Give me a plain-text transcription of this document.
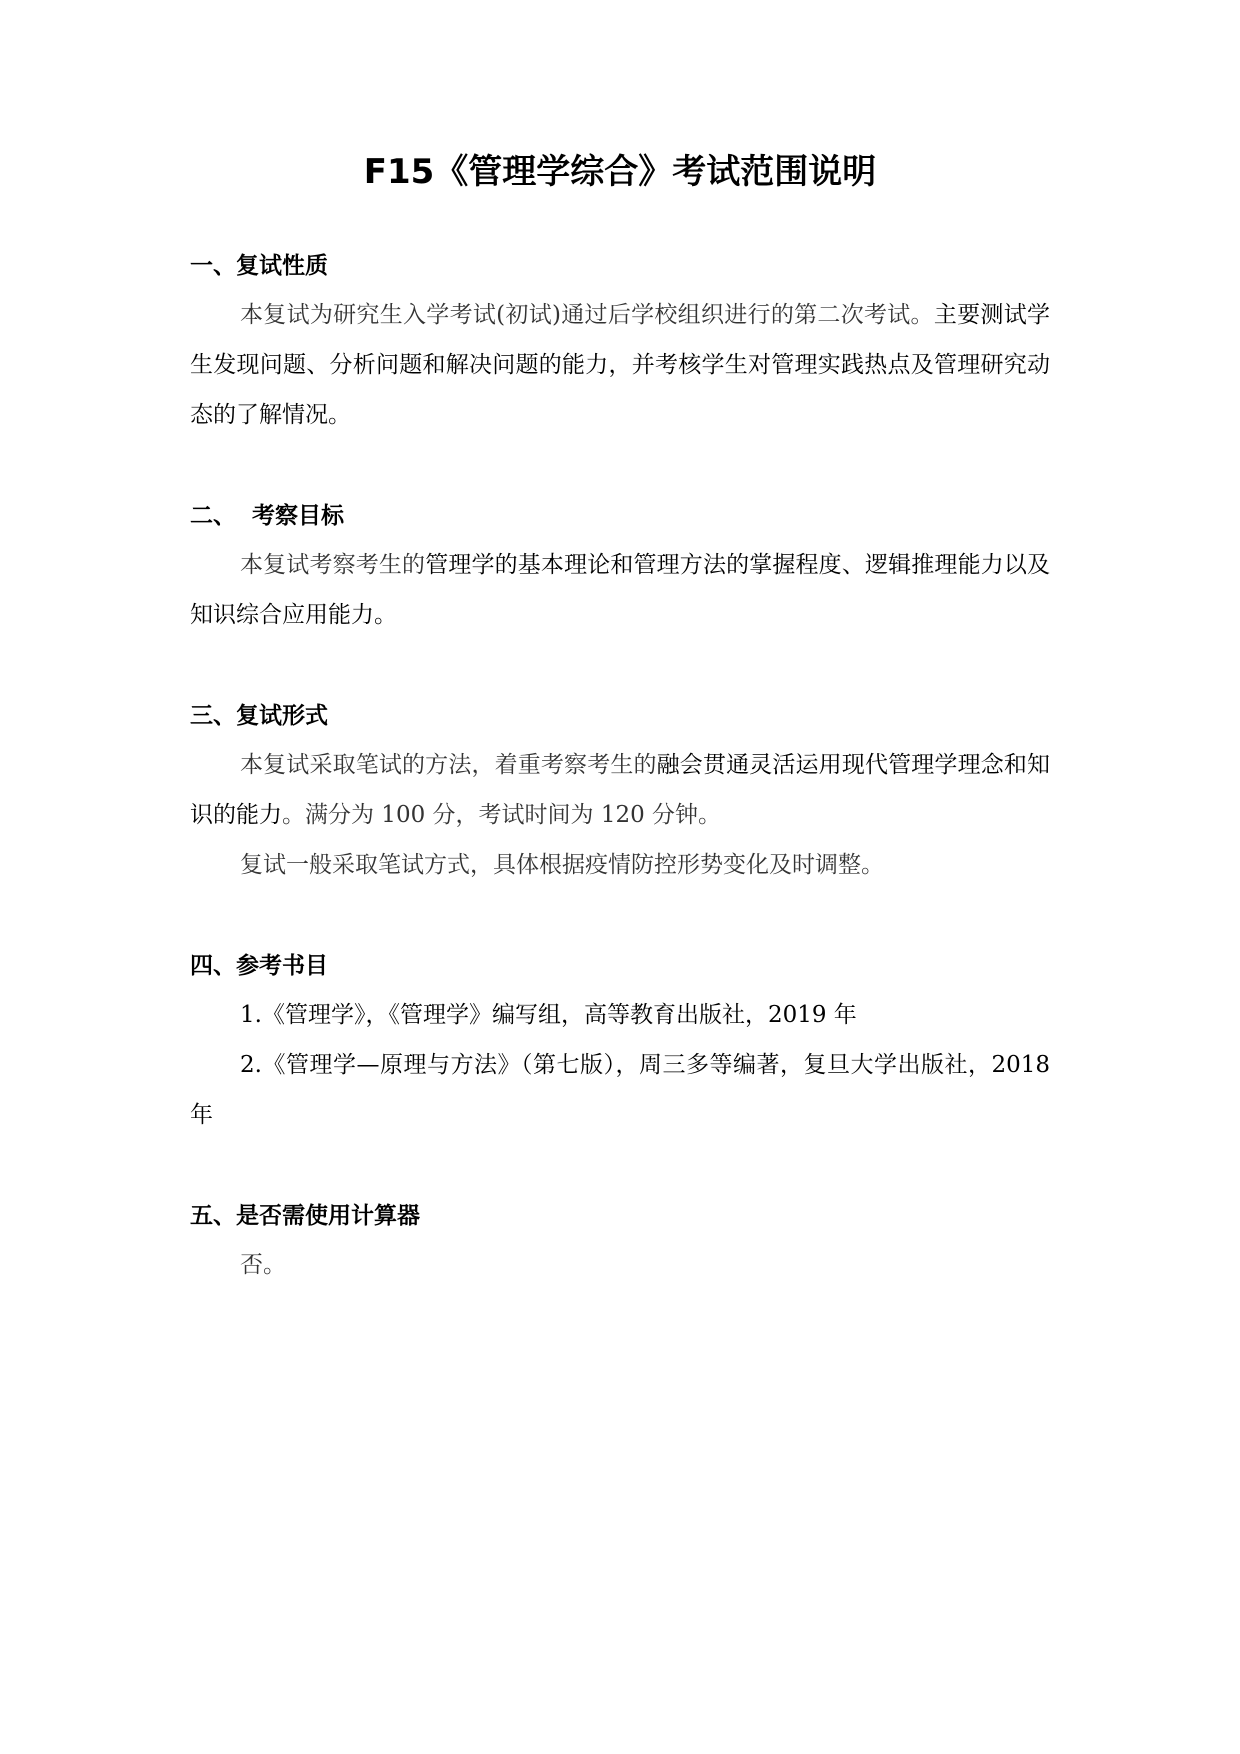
F15《管理学综合》考试范围说明
一、复试性质

本复试为研究生入学考试(初试)通过后学校组织进行的第二次考试。主要测试学生发现问题、分析问题和解决问题的能力，并考核学生对管理实践热点及管理研究动态的了解情况。

二、  考察目标

本复试考察考生的管理学的基本理论和管理方法的掌握程度、逻辑推理能力以及知识综合应用能力。

三、复试形式

本复试采取笔试的方法，着重考察考生的融会贯通灵活运用现代管理学理念和知识的能力。满分为 100 分，考试时间为 120 分钟。

复试一般采取笔试方式，具体根据疫情防控形势变化及时调整。

四、参考书目

1.《管理学》，《管理学》编写组，高等教育出版社，2019 年

2.《管理学—原理与方法》（第七版），周三多等编著，复旦大学出版社，2018 年

五、是否需使用计算器

否。
